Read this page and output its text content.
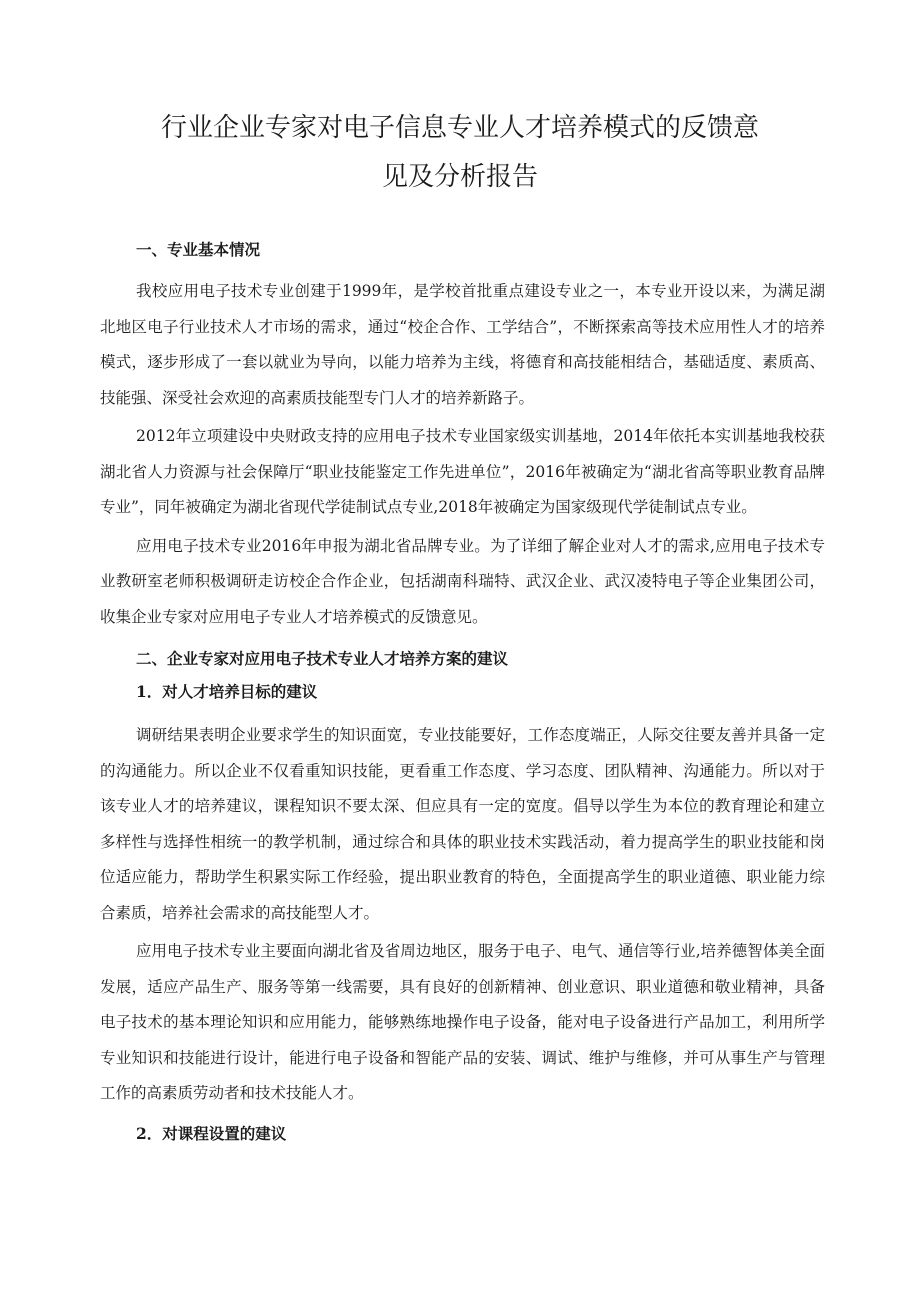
行业企业专家对电子信息专业人才培养模式的反馈意
见及分析报告
一、专业基本情况

我校应用电子技术专业创建于1999年，是学校首批重点建设专业之一，本专业开设以来，为满足湖北地区电子行业技术人才市场的需求，通过“校企合作、工学结合”，不断探索高等技术应用性人才的培养模式，逐步形成了一套以就业为导向，以能力培养为主线，将德育和高技能相结合，基础适度、素质高、技能强、深受社会欢迎的高素质技能型专门人才的培养新路子。

2012年立项建设中央财政支持的应用电子技术专业国家级实训基地，2014年依托本实训基地我校获湖北省人力资源与社会保障厅“职业技能鉴定工作先进单位”，2016年被确定为“湖北省高等职业教育品牌专业”，同年被确定为湖北省现代学徒制试点专业,2018年被确定为国家级现代学徒制试点专业。

应用电子技术专业2016年申报为湖北省品牌专业。为了详细了解企业对人才的需求,应用电子技术专业教研室老师积极调研走访校企合作企业，包括湖南科瑞特、武汉企业、武汉凌特电子等企业集团公司，收集企业专家对应用电子专业人才培养模式的反馈意见。

二、企业专家对应用电子技术专业人才培养方案的建议
1．对人才培养目标的建议

调研结果表明企业要求学生的知识面宽，专业技能要好，工作态度端正，人际交往要友善并具备一定的沟通能力。所以企业不仅看重知识技能，更看重工作态度、学习态度、团队精神、沟通能力。所以对于该专业人才的培养建议，课程知识不要太深、但应具有一定的宽度。倡导以学生为本位的教育理论和建立多样性与选择性相统一的教学机制，通过综合和具体的职业技术实践活动，着力提高学生的职业技能和岗位适应能力，帮助学生积累实际工作经验，提出职业教育的特色，全面提高学生的职业道德、职业能力综合素质，培养社会需求的高技能型人才。

应用电子技术专业主要面向湖北省及省周边地区，服务于电子、电气、通信等行业,培养德智体美全面发展，适应产品生产、服务等第一线需要，具有良好的创新精神、创业意识、职业道德和敬业精神，具备电子技术的基本理论知识和应用能力，能够熟练地操作电子设备，能对电子设备进行产品加工，利用所学专业知识和技能进行设计，能进行电子设备和智能产品的安装、调试、维护与维修，并可从事生产与管理工作的高素质劳动者和技术技能人才。

2．对课程设置的建议
